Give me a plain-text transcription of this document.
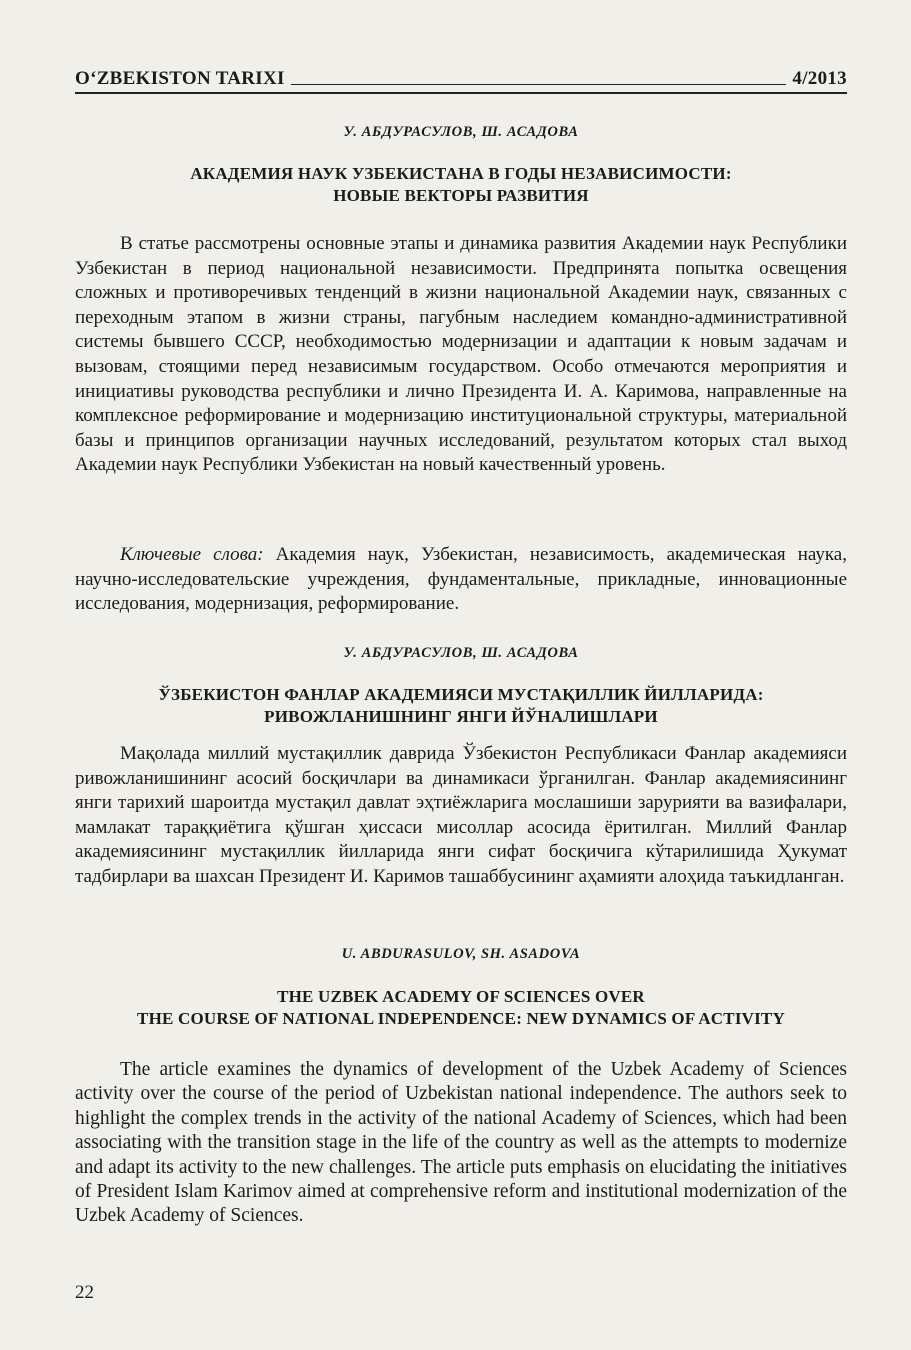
O‘ZBEKISTON TARIXI	4/2013
У. АБДУРАСУЛОВ, Ш. АСАДОВА
АКАДЕМИЯ НАУК УЗБЕКИСТАНА В ГОДЫ НЕЗАВИСИМОСТИ:
НОВЫЕ ВЕКТОРЫ РАЗВИТИЯ

В статье рассмотрены основные этапы и динамика развития Академии наук Республики Узбекистан в период национальной независимости. Предпринята попытка освещения сложных и противоречивых тенденций в жизни национальной Академии наук, связанных с переходным этапом в жизни страны, пагубным наследием командно-административной системы бывшего СССР, необходимостью модернизации и адаптации к новым задачам и вызовам, стоящими перед независимым государством. Особо отмечаются мероприятия и инициативы руководства республики и лично Президента И. А. Каримова, направленные на комплексное реформирование и модернизацию институциональной структуры, материальной базы и принципов организации научных исследований, результатом которых стал выход Академии наук Республики Узбекистан на новый качественный уровень.

Ключевые слова: Академия наук, Узбекистан, независимость, академическая наука, научно-исследовательские учреждения, фундаментальные, прикладные, инновационные исследования, модернизация, реформирование.

У. АБДУРАСУЛОВ, Ш. АСАДОВА
ЎЗБЕКИСТОН ФАНЛАР АКАДЕМИЯСИ МУСТАҚИЛЛИК ЙИЛЛАРИДА:
РИВОЖЛАНИШНИНГ ЯНГИ ЙЎНАЛИШЛАРИ

Мақолада миллий мустақиллик даврида Ўзбекистон Республикаси Фанлар академияси ривожланишининг асосий босқичлари ва динамикаси ўрганилган. Фанлар академиясининг янги тарихий шароитда мустақил давлат эҳтиёжларига мослашиши зарурияти ва вазифалари, мамлакат тараққиётига қўшган ҳиссаси мисоллар асосида ёритилган. Миллий Фанлар академиясининг мустақиллик йилларида янги сифат босқичига кўтарилишида Ҳукумат тадбирлари ва шахсан Президент И. Каримов ташаббусининг аҳамияти алоҳида таъкидланган.

U. ABDURASULOV, SH. ASADOVA
THE UZBEK ACADEMY OF SCIENCES OVER
THE COURSE OF NATIONAL INDEPENDENCE: NEW DYNAMICS OF ACTIVITY

The article examines the dynamics of development of the Uzbek Academy of Sciences activity over the course of the period of Uzbekistan national independence. The authors seek to highlight the complex trends in the activity of the national Academy of Sciences, which had been associating with the transition stage in the life of the country as well as the attempts to modernize and adapt its activity to the new challenges. The article puts emphasis on elucidating the initiatives of President Islam Karimov aimed at comprehensive reform and institutional modernization of the Uzbek Academy of Sciences.

22
